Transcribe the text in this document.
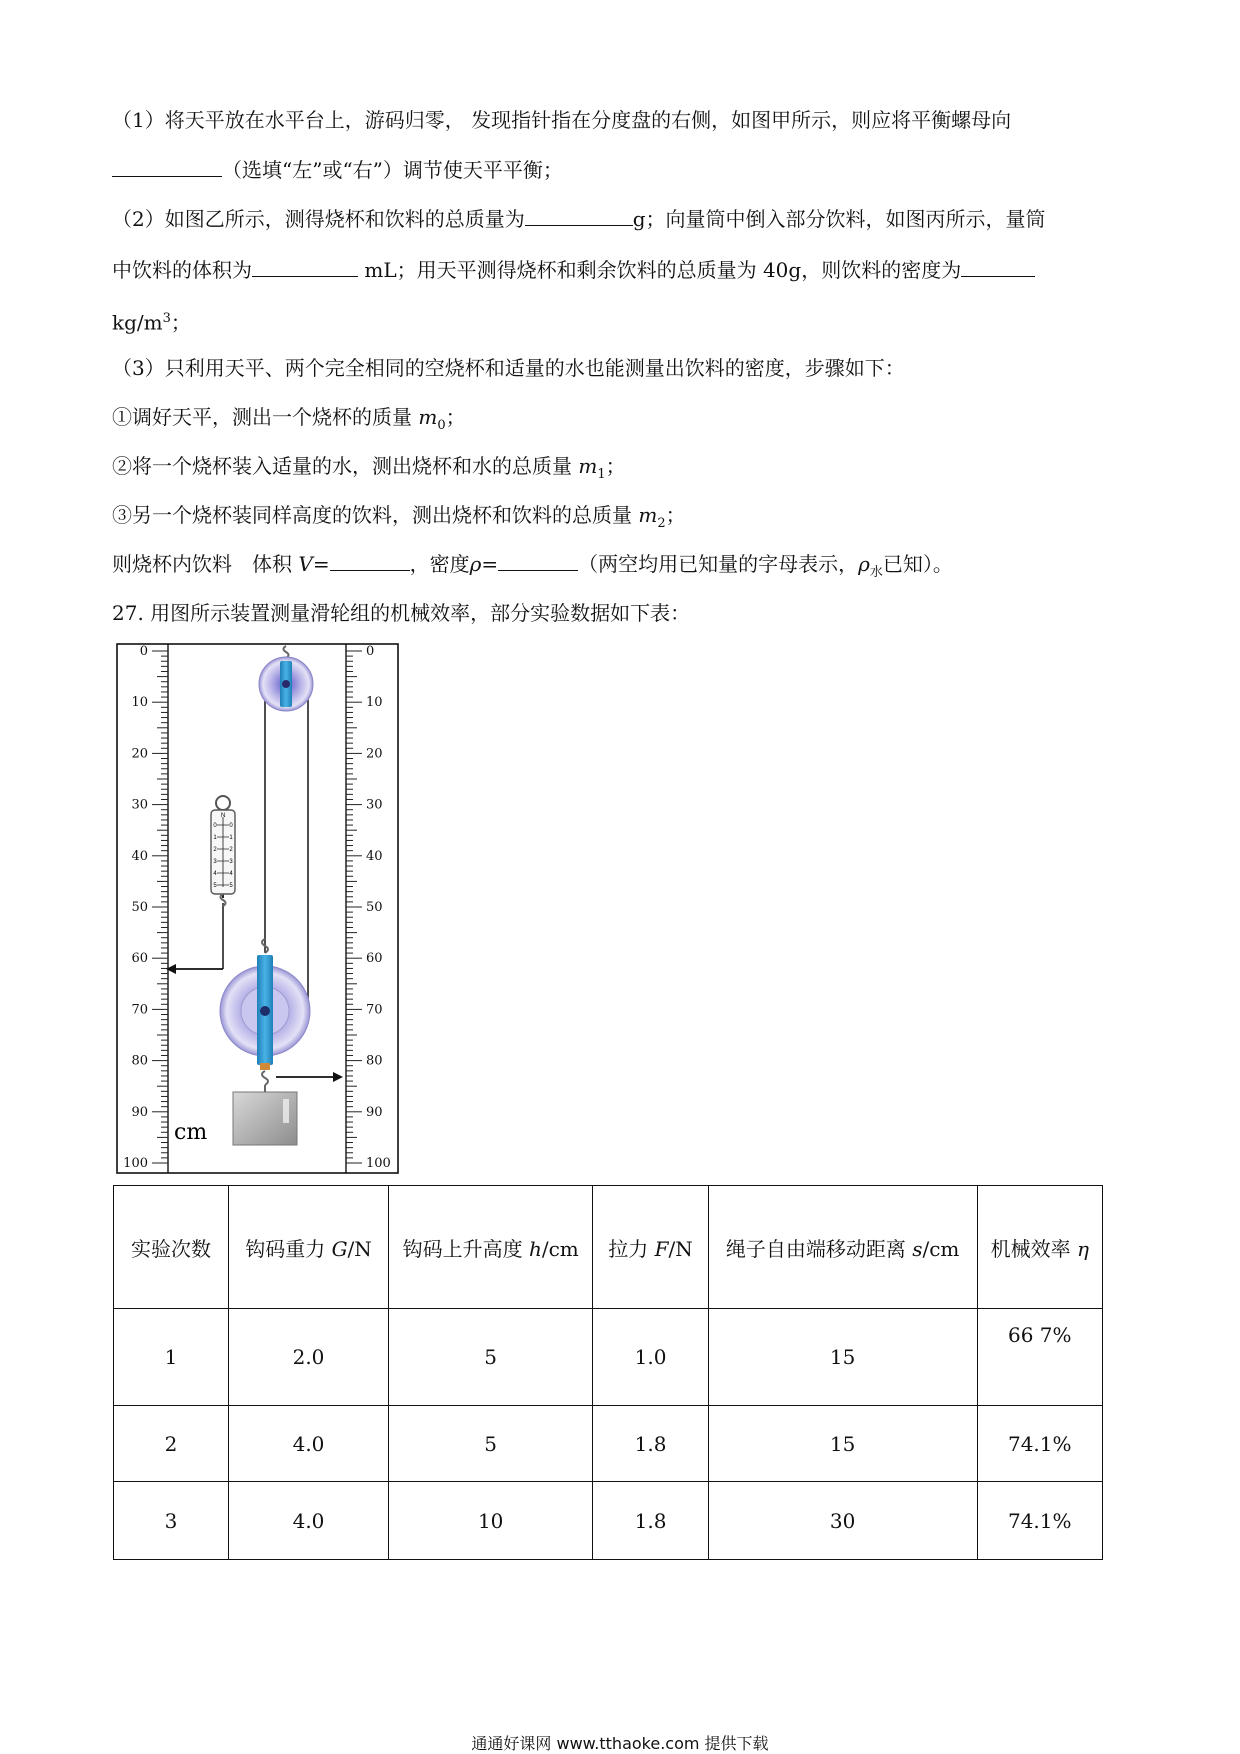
（1）将天平放在水平台上，游码归零， 发现指针指在分度盘的右侧，如图甲所示，则应将平衡螺母向
（选填“左”或“右”）调节使天平平衡；
（2）如图乙所示，测得烧杯和饮料的总质量为	g；向量筒中倒入部分饮料，如图丙所示，量筒
中饮料的体积为	mL；用天平测得烧杯和剩余饮料的总质量为 40g，则饮料的密度为
$kg/m^3$；
（3）只利用天平、两个完全相同的空烧杯和适量的水也能测量出饮料的密度，步骤如下：
①调好天平，测出一个烧杯的质量 $m_0$；
②将一个烧杯装入适量的水，测出烧杯和水的总质量 $m_1$；
③另一个烧杯装同样高度的饮料，测出烧杯和饮料的总质量 $m_2$；
则烧杯内饮料　体积 V=	，密度ρ=	（两空均用已知量的字母表示，$\rho_水$已知）。
27. 用图所示装置测量滑轮组的机械效率，部分实验数据如下表：
0	0
10	10
20	20
30	30
40	40
50	50
60	60
70	70
80	80
90	90
100	100
0 0
1 1
2 2
3 3
4 4
5 5
N
cm
实验次数	钩码重力 G/N	钩码上升高度 h/cm	拉力 F/N	绳子自由端移动距离 s/cm	机械效率 η
1	2.0	5	1.0	15	66 7%
2	4.0	5	1.8	15	74.1%
3	4.0	10	1.8	30	74.1%
通通好课网 www.tthaoke.com 提供下载
